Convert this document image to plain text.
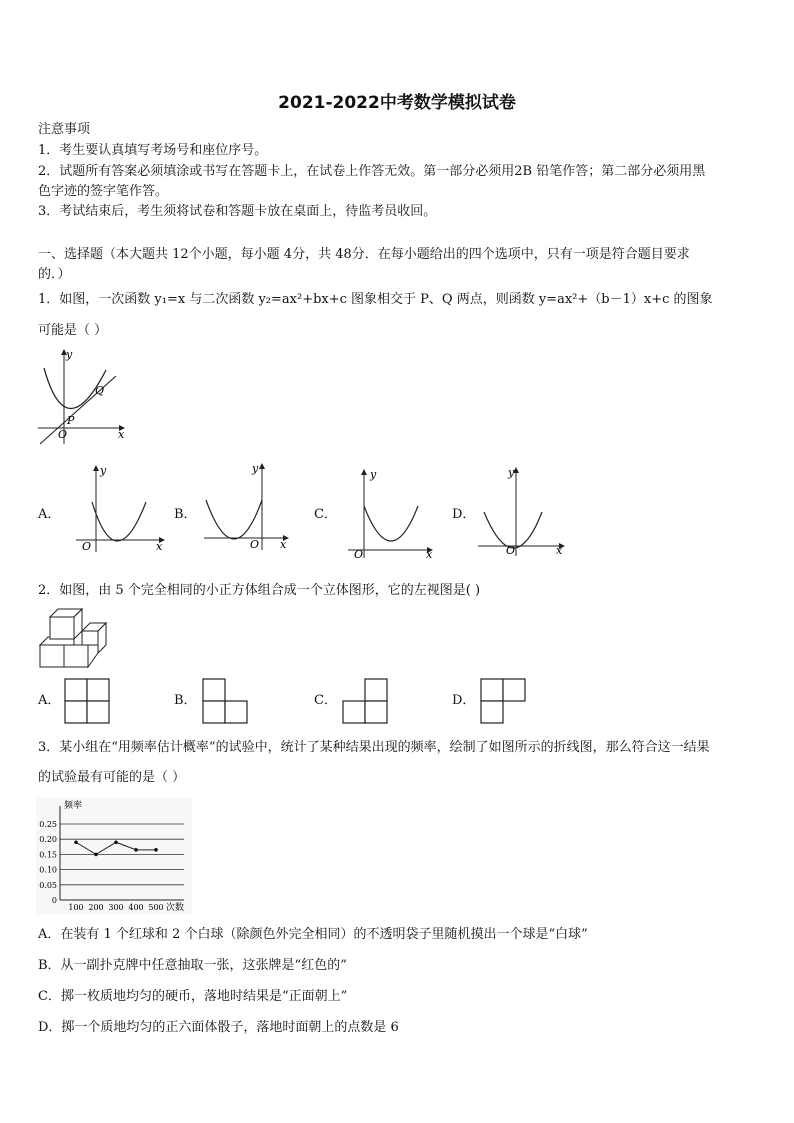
2021-2022中考数学模拟试卷
注意事项
1．考生要认真填写考场号和座位序号。
2．试题所有答案必须填涂或书写在答题卡上，在试卷上作答无效。第一部分必须用2B 铅笔作答；第二部分必须用黑
色字迹的签字笔作答。
3．考试结束后，考生须将试卷和答题卡放在桌面上，待监考员收回。
一、选择题（本大题共 12个小题，每小题 4分，共 48分．在每小题给出的四个选项中，只有一项是符合题目要求
的．）
1．如图，一次函数 y₁=x 与二次函数 y₂=ax²+bx+c 图象相交于 P、Q 两点，则函数 y=ax²+（b－1）x+c 的图象
可能是（ ）
y
x
O
P
Q
A．
y
x
O
B．
y
x
O
C．
y
x
O
D．
y
x
O
2．如图，由 5 个完全相同的小正方体组合成一个立体图形，它的左视图是( )
A．	B．	C．	D．
3．某小组在“用频率估计概率”的试验中，统计了某种结果出现的频率，绘制了如图所示的折线图，那么符合这一结果
的试验最有可能的是（ ）
频率
次数
0.25
0.20
0.15
0.10
0.05
0
100 200 300 400 500
A．在装有 1 个红球和 2 个白球（除颜色外完全相同）的不透明袋子里随机摸出一个球是“白球”
B．从一副扑克牌中任意抽取一张，这张牌是“红色的”
C．掷一枚质地均匀的硬币，落地时结果是“正面朝上”
D．掷一个质地均匀的正六面体骰子，落地时面朝上的点数是 6
